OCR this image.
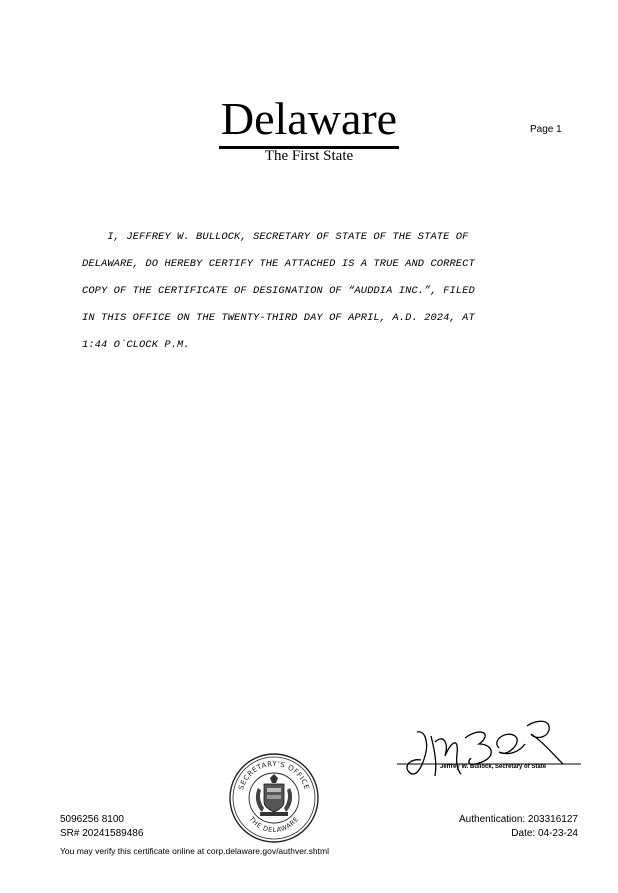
Delaware
The First State
Page 1
I, JEFFREY W. BULLOCK, SECRETARY OF STATE OF THE STATE OF
DELAWARE, DO HEREBY CERTIFY THE ATTACHED IS A TRUE AND CORRECT
COPY OF THE CERTIFICATE OF DESIGNATION OF “AUDDIA INC.”, FILED
IN THIS OFFICE ON THE TWENTY-THIRD DAY OF APRIL, A.D. 2024, AT
1:44 O`CLOCK P.M.
Jeffrey W. Bullock, Secretary of State
SECRETARY'S OFFICE
THE DELAWARE
5096256 8100
SR# 20241589486
Authentication: 203316127
Date: 04-23-24
You may verify this certificate online at corp.delaware.gov/authver.shtml
